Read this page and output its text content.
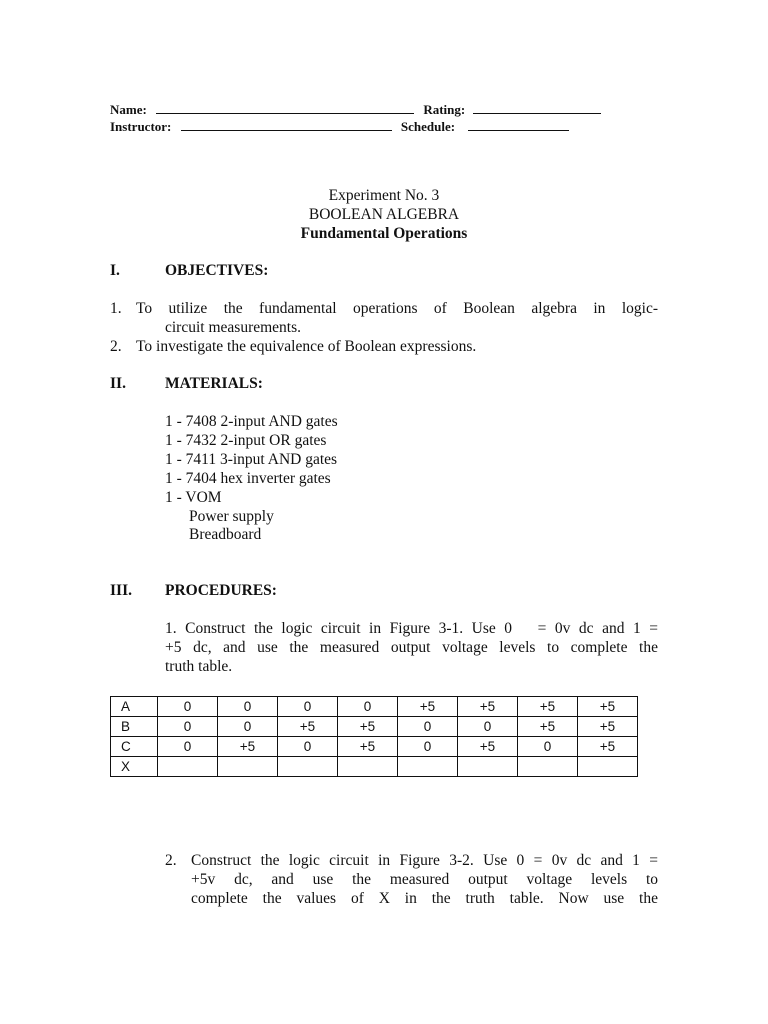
Name:	Rating:
Instructor:	Schedule:
Experiment No. 3
BOOLEAN ALGEBRA
Fundamental Operations
I.	OBJECTIVES:
1. To utilize the fundamental operations of Boolean algebra in logic-
circuit measurements.
2. To investigate the equivalence of Boolean expressions.
II.	MATERIALS:
1 - 7408 2-input AND gates
1 - 7432 2-input OR gates
1 - 7411 3-input AND gates
1 - 7404 hex inverter gates
1 - VOM
Power supply
Breadboard
III. PROCEDURES:
1. Construct the logic circuit in Figure 3-1. Use 0   = 0v dc and 1 =
+5 dc, and use the measured output voltage levels to complete the
truth table.
A	0	0	0	0	+5	+5	+5	+5
B	0	0	+5	+5	0	0	+5	+5
C	0	+5	0	+5	0	+5	0	+5
X								
2. Construct the logic circuit in Figure 3-2. Use 0 = 0v dc and 1 =
+5v dc, and use the measured output voltage levels to
complete the values of X in the truth table. Now use the
